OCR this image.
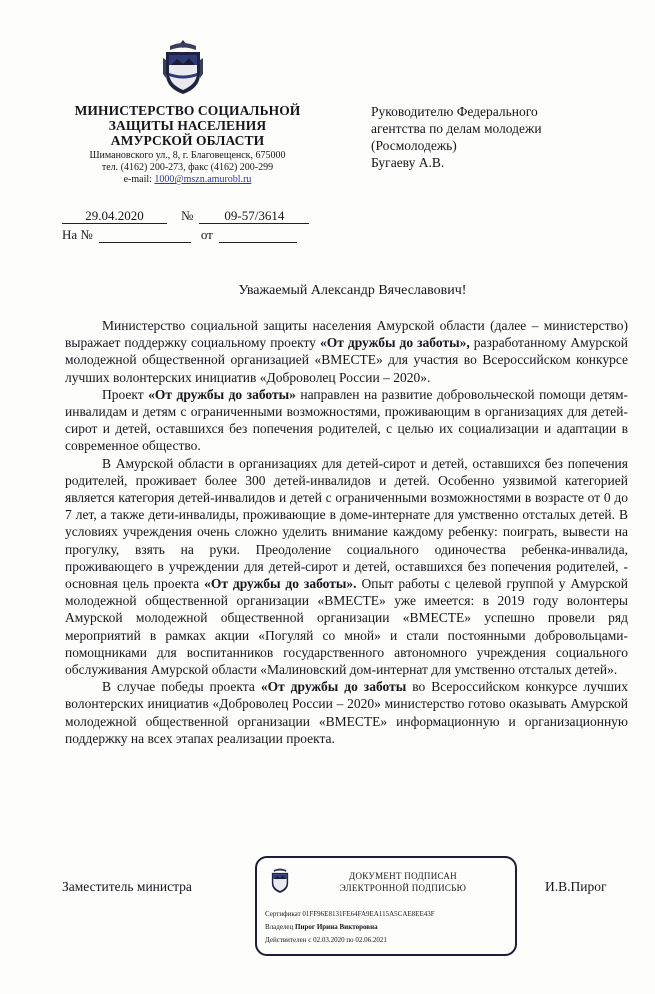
МИНИСТЕРСТВО СОЦИАЛЬНОЙ
ЗАЩИТЫ НАСЕЛЕНИЯ
АМУРСКОЙ ОБЛАСТИ
Шимановского ул., 8, г. Благовещенск, 675000
тел. (4162) 200-273, факс (4162) 200-299
e-mail: 1000@mszn.amurobl.ru
29.04.2020	№	09-57/3614
На №
	от

Руководителю Федерального
агентства по делам молодежи
(Росмолодежь)
Бугаеву А.В.
Уважаемый Александр Вячеславович!

Министерство социальной защиты населения Амурской области (далее – министерство) выражает поддержку социальному проекту «От дружбы до заботы», разработанному Амурской молодежной общественной организацией «ВМЕСТЕ» для участия во Всероссийском конкурсе лучших волонтерских инициатив «Доброволец России – 2020».

Проект «От дружбы до заботы» направлен на развитие добровольческой помощи детям-инвалидам и детям с ограниченными возможностями, проживающим в организациях для детей-сирот и детей, оставшихся без попечения родителей, с целью их социализации и адаптации в современное общество.

В Амурской области в организациях для детей-сирот и детей, оставшихся без попечения родителей, проживает более 300 детей-инвалидов и детей. Особенно уязвимой категорией является категория детей-инвалидов и детей с ограниченными возможностями в возрасте от 0 до 7 лет, а также дети-инвалиды, проживающие в доме-интернате для умственно отсталых детей. В условиях учреждения очень сложно уделить внимание каждому ребенку: поиграть, вывести на прогулку, взять на руки. Преодоление социального одиночества ребенка-инвалида, проживающего в учреждении для детей-сирот и детей, оставшихся без попечения родителей, - основная цель проекта «От дружбы до заботы». Опыт работы с целевой группой у Амурской молодежной общественной организации «ВМЕСТЕ» уже имеется: в 2019 году волонтеры Амурской молодежной общественной организации «ВМЕСТЕ» успешно провели ряд мероприятий в рамках акции «Погуляй со мной» и стали постоянными добровольцами-помощниками для воспитанников государственного автономного учреждения социального обслуживания Амурской области «Малиновский дом-интернат для умственно отсталых детей».

В случае победы проекта «От дружбы до заботы во Всероссийском конкурсе лучших волонтерских инициатив «Доброволец России – 2020» министерство готово оказывать Амурской молодежной общественной организации «ВМЕСТЕ» информационную и организационную поддержку на всех этапах реализации проекта.

Заместитель министра	И.В.Пирог
ДОКУМЕНТ ПОДПИСАН
ЭЛЕКТРОННОЙ ПОДПИСЬЮ
Сертификат 01FF96E8131FE64FA9EA115A5CAE8EE43F
Владелец Пирог Ирина Викторовна
Действителен с 02.03.2020 по 02.06.2021
